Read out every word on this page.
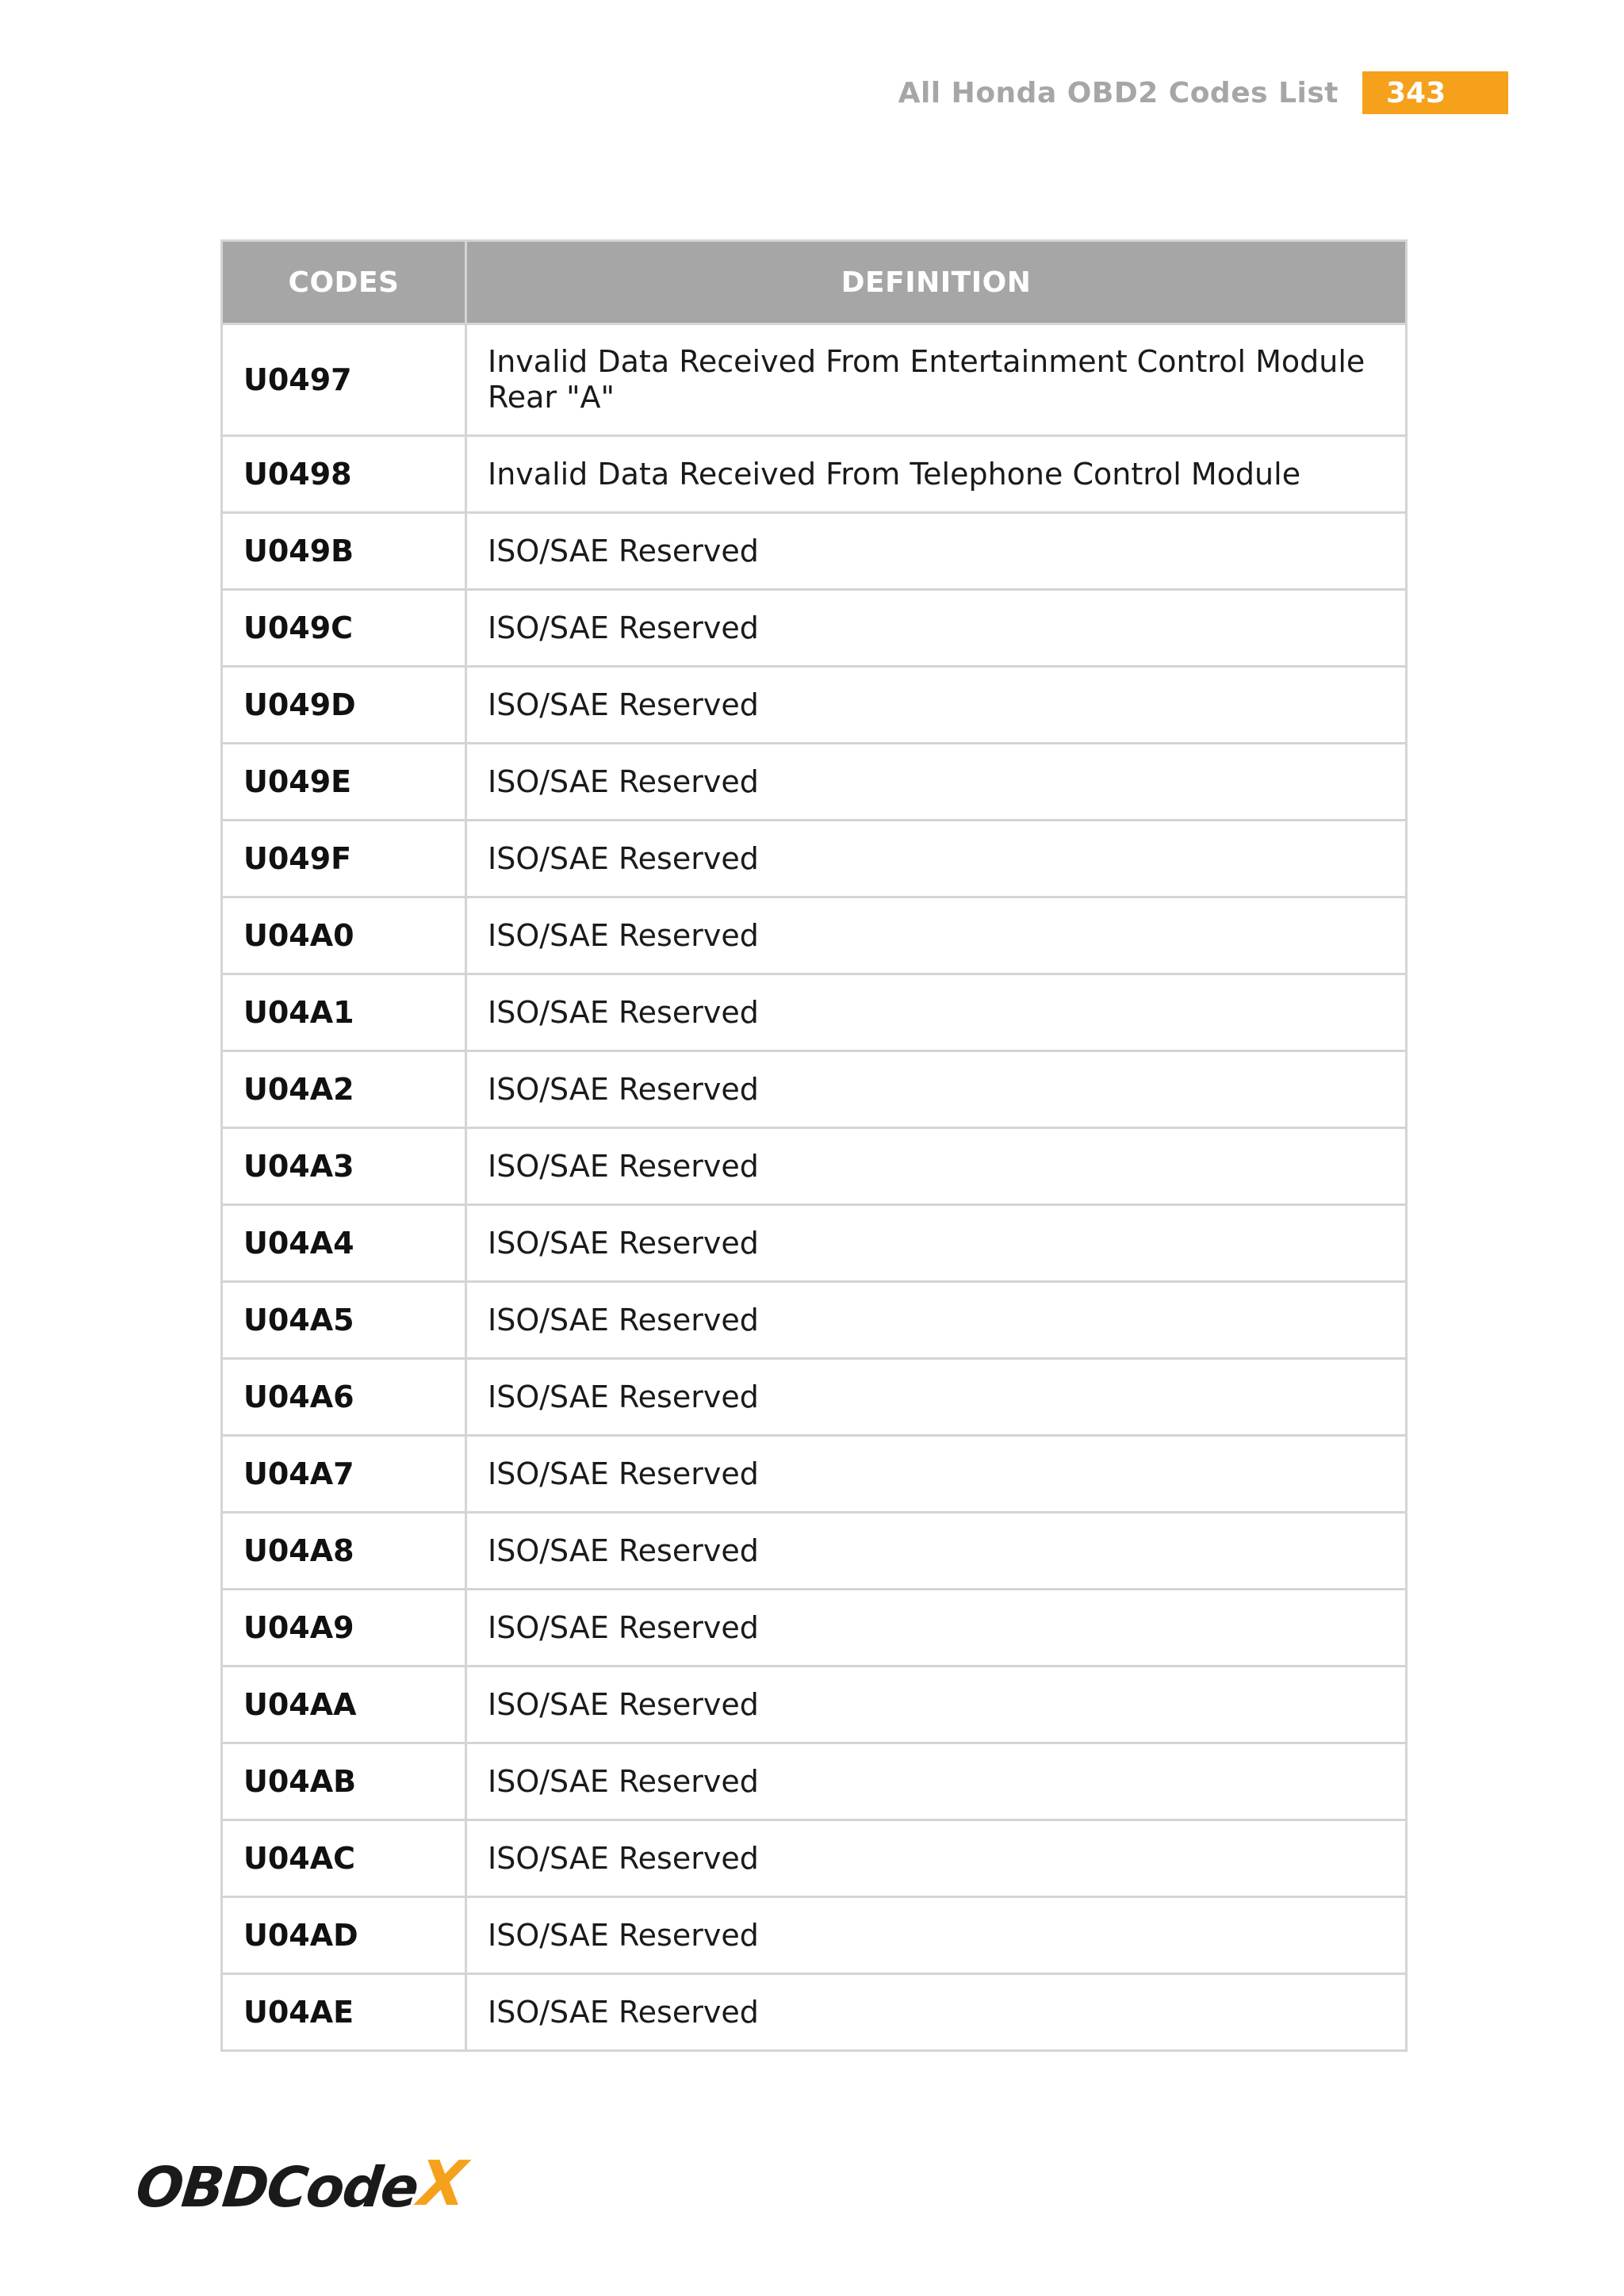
All Honda OBD2 Codes List	343
CODES	DEFINITION
U0497	Invalid Data Received From Entertainment Control Module Rear "A"
U0498	Invalid Data Received From Telephone Control Module
U049B	ISO/SAE Reserved
U049C	ISO/SAE Reserved
U049D	ISO/SAE Reserved
U049E	ISO/SAE Reserved
U049F	ISO/SAE Reserved
U04A0	ISO/SAE Reserved
U04A1	ISO/SAE Reserved
U04A2	ISO/SAE Reserved
U04A3	ISO/SAE Reserved
U04A4	ISO/SAE Reserved
U04A5	ISO/SAE Reserved
U04A6	ISO/SAE Reserved
U04A7	ISO/SAE Reserved
U04A8	ISO/SAE Reserved
U04A9	ISO/SAE Reserved
U04AA	ISO/SAE Reserved
U04AB	ISO/SAE Reserved
U04AC	ISO/SAE Reserved
U04AD	ISO/SAE Reserved
U04AE	ISO/SAE Reserved
OBDCode
X
